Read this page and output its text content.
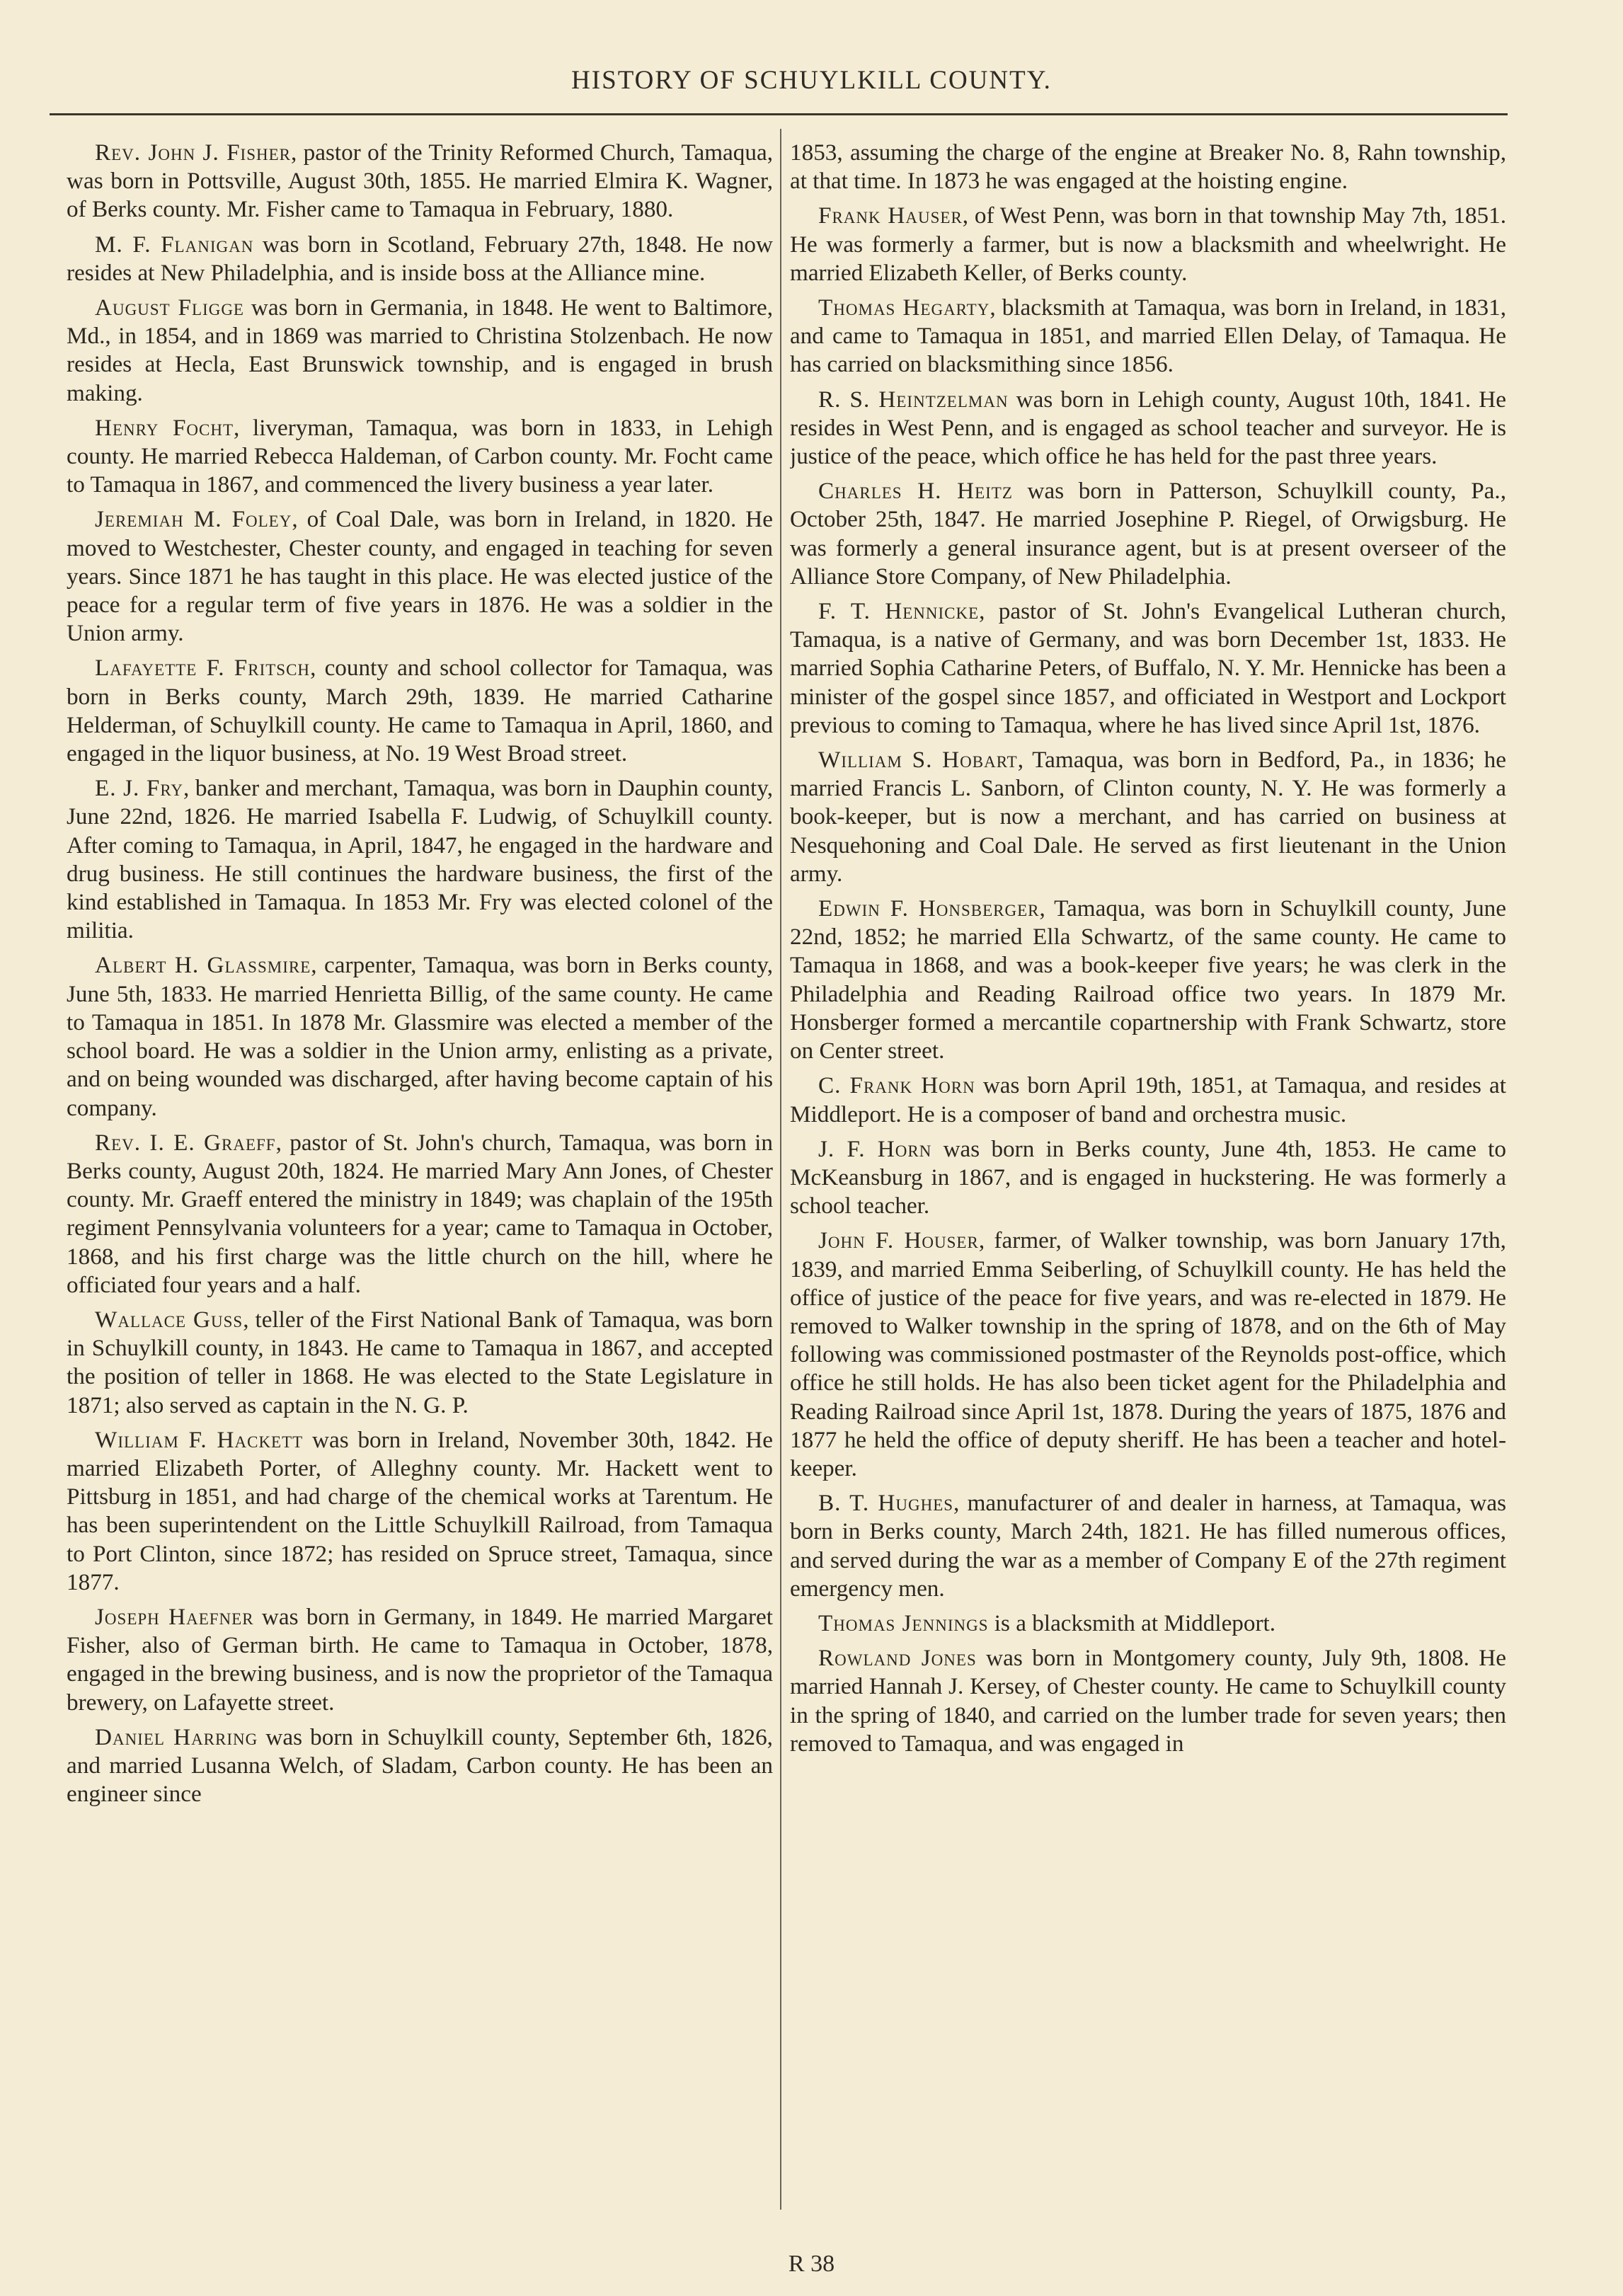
HISTORY OF SCHUYLKILL COUNTY.

Rev. John J. Fisher, pastor of the Trinity Reformed Church, Tamaqua, was born in Pottsville, August 30th, 1855. He married Elmira K. Wagner, of Berks county. Mr. Fisher came to Tamaqua in February, 1880.

M. F. Flanigan was born in Scotland, February 27th, 1848. He now resides at New Philadelphia, and is inside boss at the Alliance mine.

August Fligge was born in Germania, in 1848. He went to Baltimore, Md., in 1854, and in 1869 was married to Christina Stolzenbach. He now resides at Hecla, East Brunswick township, and is engaged in brush making.

Henry Focht, liveryman, Tamaqua, was born in 1833, in Lehigh county. He married Rebecca Haldeman, of Carbon county. Mr. Focht came to Tamaqua in 1867, and commenced the livery business a year later.

Jeremiah M. Foley, of Coal Dale, was born in Ireland, in 1820. He moved to Westchester, Chester county, and engaged in teaching for seven years. Since 1871 he has taught in this place. He was elected justice of the peace for a regular term of five years in 1876. He was a soldier in the Union army.

Lafayette F. Fritsch, county and school collector for Tamaqua, was born in Berks county, March 29th, 1839. He married Catharine Helderman, of Schuylkill county. He came to Tamaqua in April, 1860, and engaged in the liquor business, at No. 19 West Broad street.

E. J. Fry, banker and merchant, Tamaqua, was born in Dauphin county, June 22nd, 1826. He married Isabella F. Ludwig, of Schuylkill county. After coming to Tamaqua, in April, 1847, he engaged in the hardware and drug business. He still continues the hardware business, the first of the kind established in Tamaqua. In 1853 Mr. Fry was elected colonel of the militia.

Albert H. Glassmire, carpenter, Tamaqua, was born in Berks county, June 5th, 1833. He married Henrietta Billig, of the same county. He came to Tamaqua in 1851. In 1878 Mr. Glassmire was elected a member of the school board. He was a soldier in the Union army, enlisting as a private, and on being wounded was discharged, after having become captain of his company.

Rev. I. E. Graeff, pastor of St. John's church, Tamaqua, was born in Berks county, August 20th, 1824. He married Mary Ann Jones, of Chester county. Mr. Graeff entered the ministry in 1849; was chaplain of the 195th regiment Pennsylvania volunteers for a year; came to Tamaqua in October, 1868, and his first charge was the little church on the hill, where he officiated four years and a half.

Wallace Guss, teller of the First National Bank of Tamaqua, was born in Schuylkill county, in 1843. He came to Tamaqua in 1867, and accepted the position of teller in 1868. He was elected to the State Legislature in 1871; also served as captain in the N. G. P.

William F. Hackett was born in Ireland, November 30th, 1842. He married Elizabeth Porter, of Alleghny county. Mr. Hackett went to Pittsburg in 1851, and had charge of the chemical works at Tarentum. He has been superintendent on the Little Schuylkill Railroad, from Tamaqua to Port Clinton, since 1872; has resided on Spruce street, Tamaqua, since 1877.

Joseph Haefner was born in Germany, in 1849. He married Margaret Fisher, also of German birth. He came to Tamaqua in October, 1878, engaged in the brewing business, and is now the proprietor of the Tamaqua brewery, on Lafayette street.

Daniel Harring was born in Schuylkill county, September 6th, 1826, and married Lusanna Welch, of Sladam, Carbon county. He has been an engineer since

1853, assuming the charge of the engine at Breaker No. 8, Rahn township, at that time. In 1873 he was engaged at the hoisting engine.

Frank Hauser, of West Penn, was born in that township May 7th, 1851. He was formerly a farmer, but is now a blacksmith and wheelwright. He married Elizabeth Keller, of Berks county.

Thomas Hegarty, blacksmith at Tamaqua, was born in Ireland, in 1831, and came to Tamaqua in 1851, and married Ellen Delay, of Tamaqua. He has carried on blacksmithing since 1856.

R. S. Heintzelman was born in Lehigh county, August 10th, 1841. He resides in West Penn, and is engaged as school teacher and surveyor. He is justice of the peace, which office he has held for the past three years.

Charles H. Heitz was born in Patterson, Schuylkill county, Pa., October 25th, 1847. He married Josephine P. Riegel, of Orwigsburg. He was formerly a general insurance agent, but is at present overseer of the Alliance Store Company, of New Philadelphia.

F. T. Hennicke, pastor of St. John's Evangelical Lutheran church, Tamaqua, is a native of Germany, and was born December 1st, 1833. He married Sophia Catharine Peters, of Buffalo, N. Y. Mr. Hennicke has been a minister of the gospel since 1857, and officiated in Westport and Lockport previous to coming to Tamaqua, where he has lived since April 1st, 1876.

William S. Hobart, Tamaqua, was born in Bedford, Pa., in 1836; he married Francis L. Sanborn, of Clinton county, N. Y. He was formerly a book-keeper, but is now a merchant, and has carried on business at Nesquehoning and Coal Dale. He served as first lieutenant in the Union army.

Edwin F. Honsberger, Tamaqua, was born in Schuylkill county, June 22nd, 1852; he married Ella Schwartz, of the same county. He came to Tamaqua in 1868, and was a book-keeper five years; he was clerk in the Philadelphia and Reading Railroad office two years. In 1879 Mr. Honsberger formed a mercantile copartnership with Frank Schwartz, store on Center street.

C. Frank Horn was born April 19th, 1851, at Tamaqua, and resides at Middleport. He is a composer of band and orchestra music.

J. F. Horn was born in Berks county, June 4th, 1853. He came to McKeansburg in 1867, and is engaged in huckstering. He was formerly a school teacher.

John F. Houser, farmer, of Walker township, was born January 17th, 1839, and married Emma Seiberling, of Schuylkill county. He has held the office of justice of the peace for five years, and was re-elected in 1879. He removed to Walker township in the spring of 1878, and on the 6th of May following was commissioned postmaster of the Reynolds post-office, which office he still holds. He has also been ticket agent for the Philadelphia and Reading Railroad since April 1st, 1878. During the years of 1875, 1876 and 1877 he held the office of deputy sheriff. He has been a teacher and hotel-keeper.

B. T. Hughes, manufacturer of and dealer in harness, at Tamaqua, was born in Berks county, March 24th, 1821. He has filled numerous offices, and served during the war as a member of Company E of the 27th regiment emergency men.

Thomas Jennings is a blacksmith at Middleport.

Rowland Jones was born in Montgomery county, July 9th, 1808. He married Hannah J. Kersey, of Chester county. He came to Schuylkill county in the spring of 1840, and carried on the lumber trade for seven years; then removed to Tamaqua, and was engaged in

R 38
